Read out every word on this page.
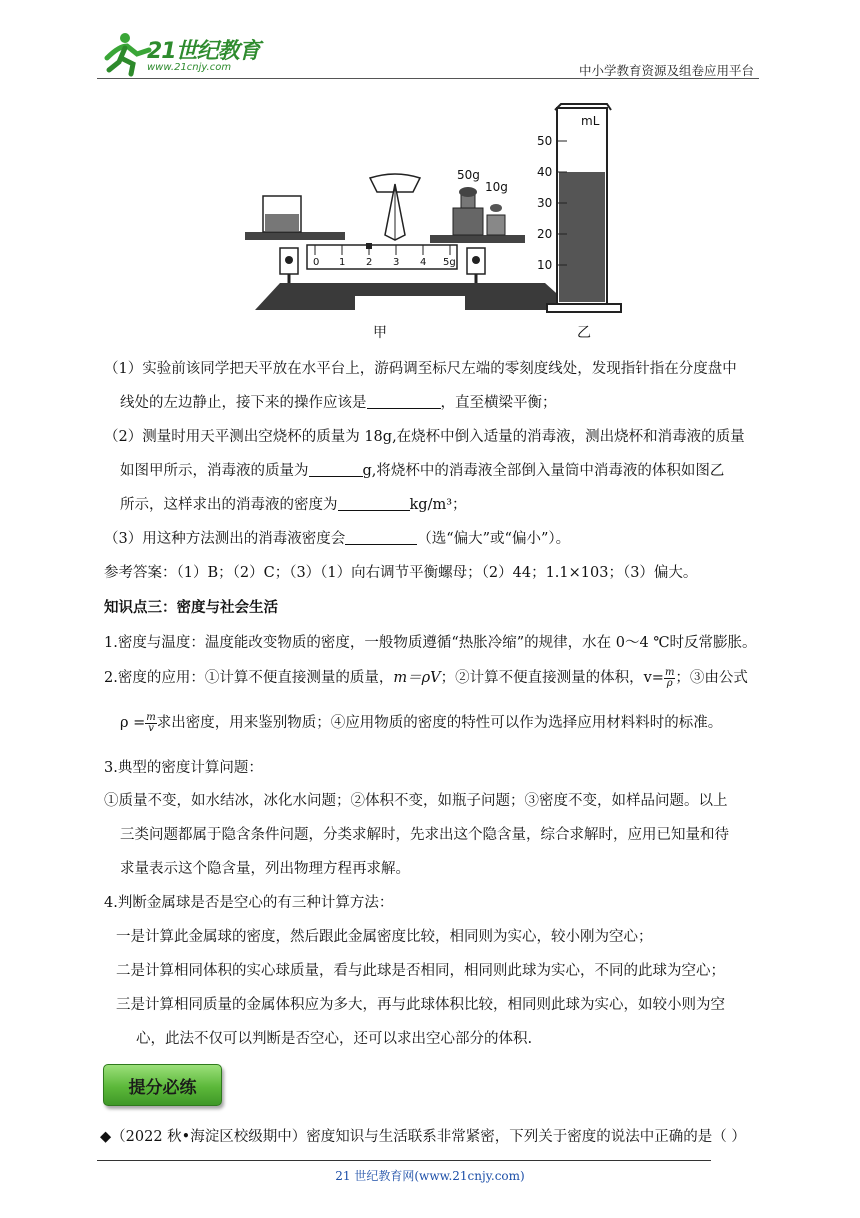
21世纪教育
www.21cnjy.com	中小学教育资源及组卷应用平台
50g
10g
0 1 2 3 4 5g
mL
50
40
30
20
10
甲	乙
（1）实验前该同学把天平放在水平台上，游码调至标尺左端的零刻度线处，发现指针指在分度盘中
线处的左边静止，接下来的操作应该是	，直至横梁平衡；
（2）测量时用天平测出空烧杯的质量为 18g,在烧杯中倒入适量的消毒液，测出烧杯和消毒液的质量
如图甲所示，消毒液的质量为	g,将烧杯中的消毒液全部倒入量筒中消毒液的体积如图乙
所示，这样求出的消毒液的密度为	kg/m³；
（3）用这种方法测出的消毒液密度会	（选“偏大”或“偏小”）。
参考答案：（1）B；（2）C；（3）（1）向右调节平衡螺母；（2）44；1.1×103；（3）偏大。
知识点三：密度与社会生活
1.密度与温度：温度能改变物质的密度，一般物质遵循“热胀冷缩”的规律，水在 0～4 ℃时反常膨胀。
2.密度的应用：①计算不便直接测量的质量，m＝ρV；②计算不便直接测量的体积，$v= \frac{m}{\rho}$ ；③由公式
$\rho = \frac{m}{v}$ 求出密度，用来鉴别物质；④应用物质的密度的特性可以作为选择应用材料料时的标准。
3.典型的密度计算问题：
①质量不变，如水结冰，冰化水问题；②体积不变，如瓶子问题；③密度不变，如样品问题。以上
三类问题都属于隐含条件问题，分类求解时，先求出这个隐含量，综合求解时，应用已知量和待
求量表示这个隐含量，列出物理方程再求解。
4.判断金属球是否是空心的有三种计算方法：
一是计算此金属球的密度，然后跟此金属密度比较，相同则为实心，较小刚为空心；
二是计算相同体积的实心球质量，看与此球是否相同，相同则此球为实心，不同的此球为空心；
三是计算相同质量的金属体积应为多大，再与此球体积比较，相同则此球为实心，如较小则为空
心，此法不仅可以判断是否空心，还可以求出空心部分的体积.
提分必练
◆（2022 秋•海淀区校级期中）密度知识与生活联系非常紧密，下列关于密度的说法中正确的是（ ）
21 世纪教育网(www.21cnjy.com)
